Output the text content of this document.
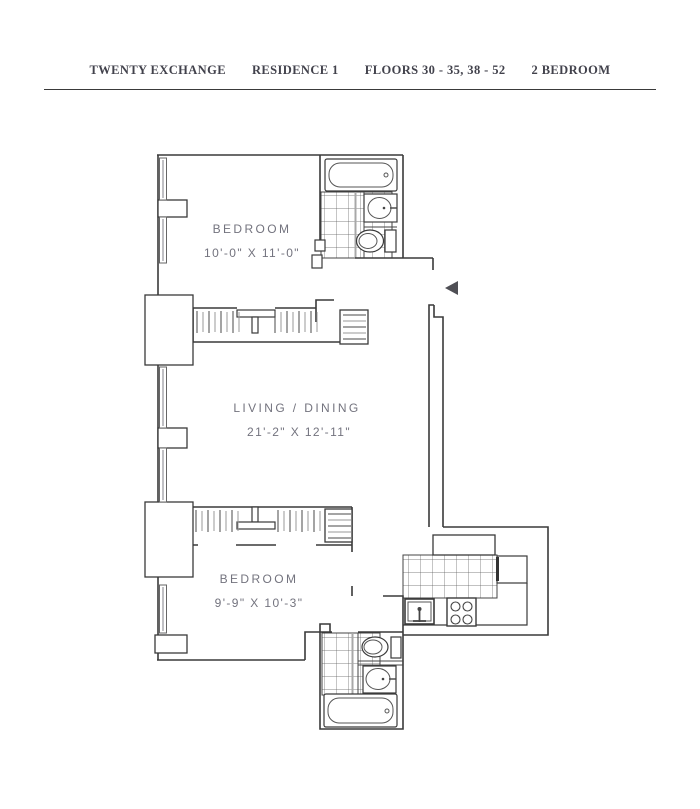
TWENTY EXCHANGE RESIDENCE 1 FLOORS 30 - 35, 38 - 52 2 BEDROOM
BEDROOM
10'-0" X 11'-0"
LIVING / DINING
21'-2" X 12'-11"
BEDROOM
9'-9" X 10'-3"
